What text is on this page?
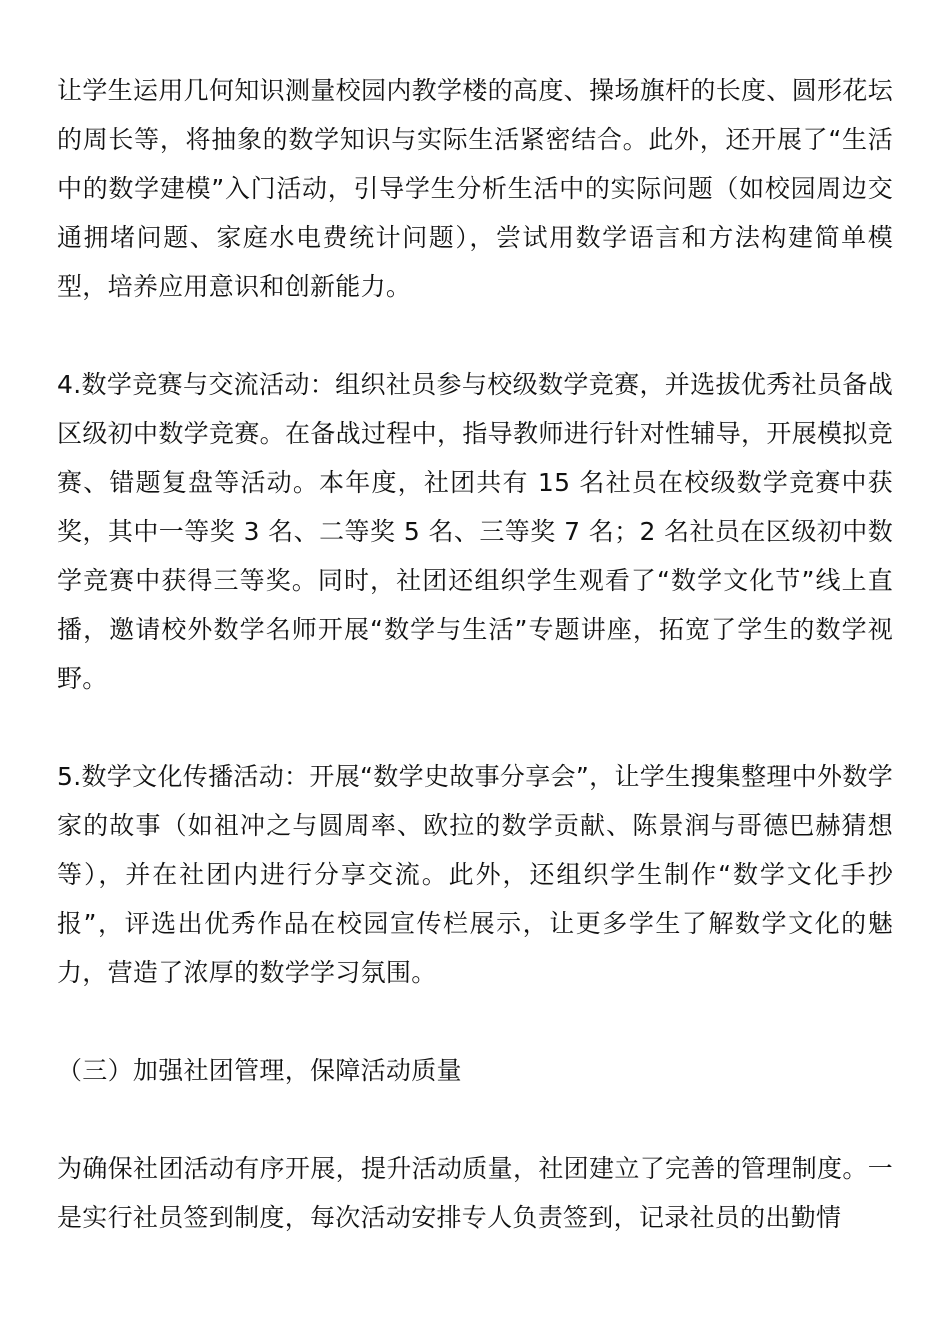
让学生运用几何知识测量校园内教学楼的高度、操场旗杆的长度、圆形花坛的周长等，将抽象的数学知识与实际生活紧密结合。此外，还开展了“生活中的数学建模”入门活动，引导学生分析生活中的实际问题（如校园周边交通拥堵问题、家庭水电费统计问题），尝试用数学语言和方法构建简单模型，培养应用意识和创新能力。

4.数学竞赛与交流活动：组织社员参与校级数学竞赛，并选拔优秀社员备战区级初中数学竞赛。在备战过程中，指导教师进行针对性辅导，开展模拟竞赛、错题复盘等活动。本年度，社团共有 15 名社员在校级数学竞赛中获奖，其中一等奖 3 名、二等奖 5 名、三等奖 7 名；2 名社员在区级初中数学竞赛中获得三等奖。同时，社团还组织学生观看了“数学文化节”线上直播，邀请校外数学名师开展“数学与生活”专题讲座，拓宽了学生的数学视野。

5.数学文化传播活动：开展“数学史故事分享会”，让学生搜集整理中外数学家的故事（如祖冲之与圆周率、欧拉的数学贡献、陈景润与哥德巴赫猜想等），并在社团内进行分享交流。此外，还组织学生制作“数学文化手抄报”，评选出优秀作品在校园宣传栏展示，让更多学生了解数学文化的魅力，营造了浓厚的数学学习氛围。

（三）加强社团管理，保障活动质量

为确保社团活动有序开展，提升活动质量，社团建立了完善的管理制度。一是实行社员签到制度，每次活动安排专人负责签到，记录社员的出勤情
